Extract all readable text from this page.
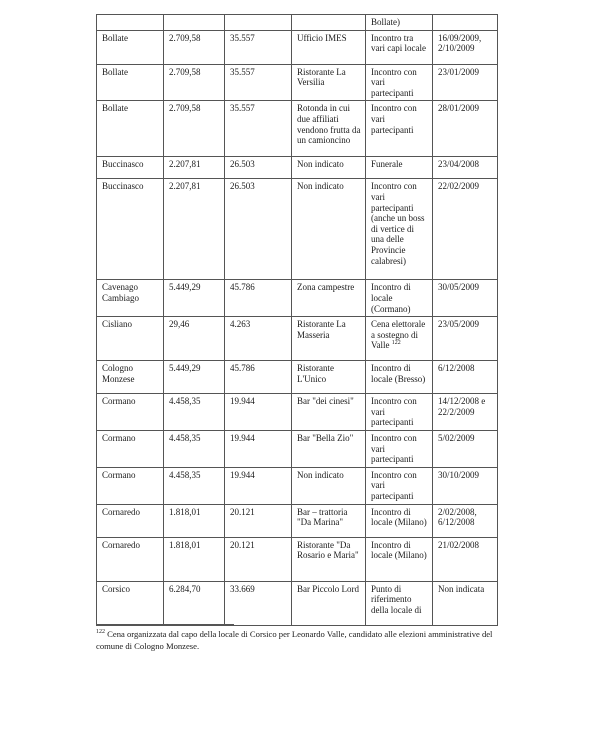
				Bollate)	
Bollate	2.709,58	35.557	Ufficio IMES	Incontro tra vari capi locale	16/09/2009, 2/10/2009
Bollate	2.709,58	35.557	Ristorante La Versilia	Incontro con vari partecipanti	23/01/2009
Bollate	2.709,58	35.557	Rotonda in cui due affiliati vendono frutta da un camioncino	Incontro con vari partecipanti	28/01/2009
Buccinasco	2.207,81	26.503	Non indicato	Funerale	23/04/2008
Buccinasco	2.207,81	26.503	Non indicato	Incontro con vari partecipanti (anche un boss di vertice di una delle Provincie calabresi)	22/02/2009
Cavenago Cambiago	5.449,29	45.786	Zona campestre	Incontro di locale (Cormano)	30/05/2009
Cisliano	29,46	4.263	Ristorante La Masseria	Cena elettorale a sostegno di Valle $^{122}$	23/05/2009
Cologno Monzese	5.449,29	45.786	Ristorante L'Unico	Incontro di locale (Bresso)	6/12/2008
Cormano	4.458,35	19.944	Bar "dei cinesi"	Incontro con vari partecipanti	14/12/2008 e 22/2/2009
Cormano	4.458,35	19.944	Bar "Bella Zio"	Incontro con vari partecipanti	5/02/2009
Cormano	4.458,35	19.944	Non indicato	Incontro con vari partecipanti	30/10/2009
Cornaredo	1.818,01	20.121	Bar – trattoria "Da Marina"	Incontro di locale (Milano)	2/02/2008, 6/12/2008
Cornaredo	1.818,01	20.121	Ristorante "Da Rosario e Maria"	Incontro di locale (Milano)	21/02/2008
Corsico	6.284,70	33.669	Bar Piccolo Lord	Punto di riferimento della locale di	Non indicata
$^{122}$ Cena organizzata dal capo della locale di Corsico per Leonardo Valle, candidato alle elezioni amministrative del comune di Cologno Monzese.
